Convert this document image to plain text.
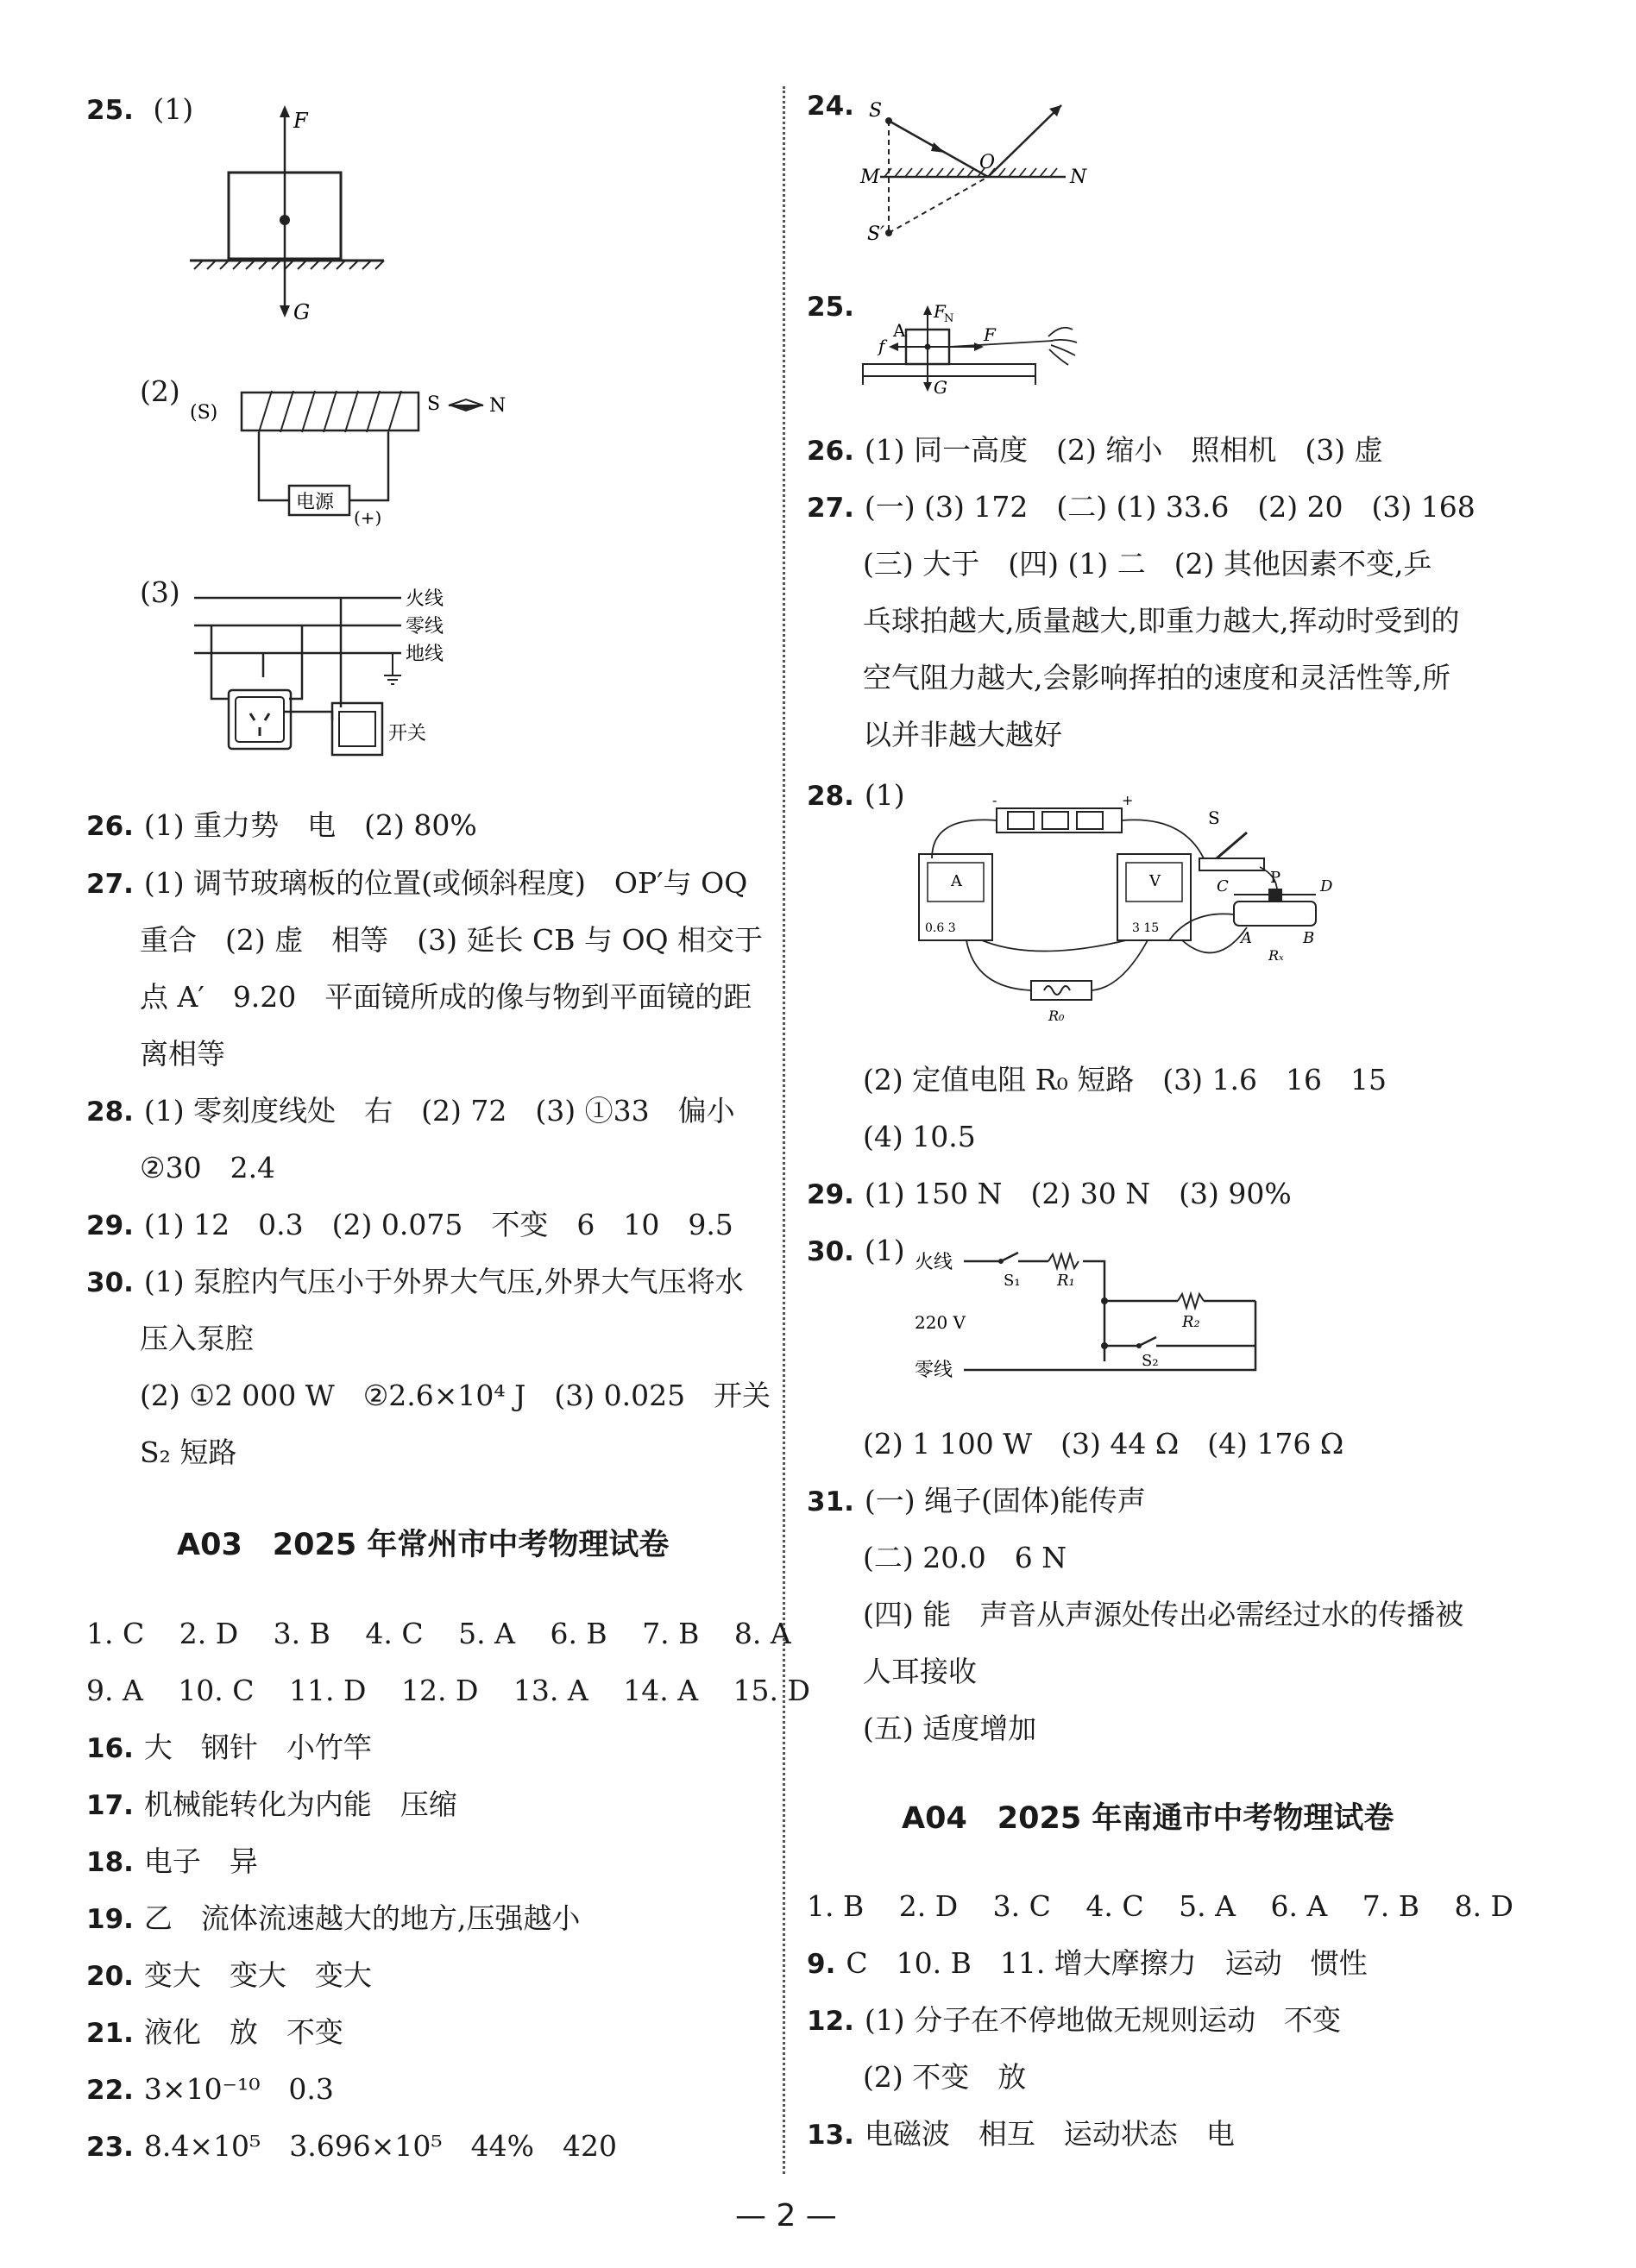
25. (1)	F
G
(2)
电源
(+)
(S)	S	N
(3)	火线
零线
地线
开关
26. (1) 重力势　电　(2) 80%
27. (1) 调节玻璃板的位置(或倾斜程度)　OP′与 OQ
重合　(2) 虚　相等　(3) 延长 CB 与 OQ 相交于
点 A′　9.20　平面镜所成的像与物到平面镜的距
离相等
28. (1) 零刻度线处　右　(2) 72　(3) ①33　偏小
②30　2.4
29. (1) 12　0.3　(2) 0.075　不变　6　10　9.5
30. (1) 泵腔内气压小于外界大气压,外界大气压将水
压入泵腔
(2) ①2 000 W　②2.6×10⁴ J　(3) 0.025　开关
S₂ 短路
A03　2025 年常州市中考物理试卷
1. C 2. D 3. B 4. C 5. A 6. B 7. B 8. A
9. A 10. C 11. D 12. D 13. A 14. A 15. D
16. 大　钢针　小竹竿
17. 机械能转化为内能　压缩
18. 电子　异
19. 乙　流体流速越大的地方,压强越小
20. 变大　变大　变大
21. 液化　放　不变
22. 3×10⁻¹⁰　0.3
23. 8.4×10⁵　3.696×10⁵　44%　420
24. S
O
M	N
S′
25.
A
F
N
F
f
G
26. (1) 同一高度　(2) 缩小　照相机　(3) 虚
27. (一) (3) 172　(二) (1) 33.6　(2) 20　(3) 168
(三) 大于　(四) (1) 二　(2) 其他因素不变,乒
乓球拍越大,质量越大,即重力越大,挥动时受到的
空气阻力越大,会影响挥拍的速度和灵活性等,所
以并非越大越好
28. (1)	-	+
S
A
0.6 3
V
3 15
C	P	D
A	B
Rₓ
R₀
(2) 定值电阻 R₀ 短路　(3) 1.6　16　15
(4) 10.5
29. (1) 150 N　(2) 30 N　(3) 90%
30. (1) 火线
220 V
零线
S₁ R₁
R₂
S₂
(2) 1 100 W　(3) 44 Ω　(4) 176 Ω
31. (一) 绳子(固体)能传声
(二) 20.0　6 N
(四) 能　声音从声源处传出必需经过水的传播被
人耳接收
(五) 适度增加
A04　2025 年南通市中考物理试卷
1. B 2. D 3. C 4. C 5. A 6. A 7. B 8. D
9. C　10. B　11. 增大摩擦力　运动　惯性
12. (1) 分子在不停地做无规则运动　不变
(2) 不变　放
13. 电磁波　相互　运动状态　电
— 2 —
